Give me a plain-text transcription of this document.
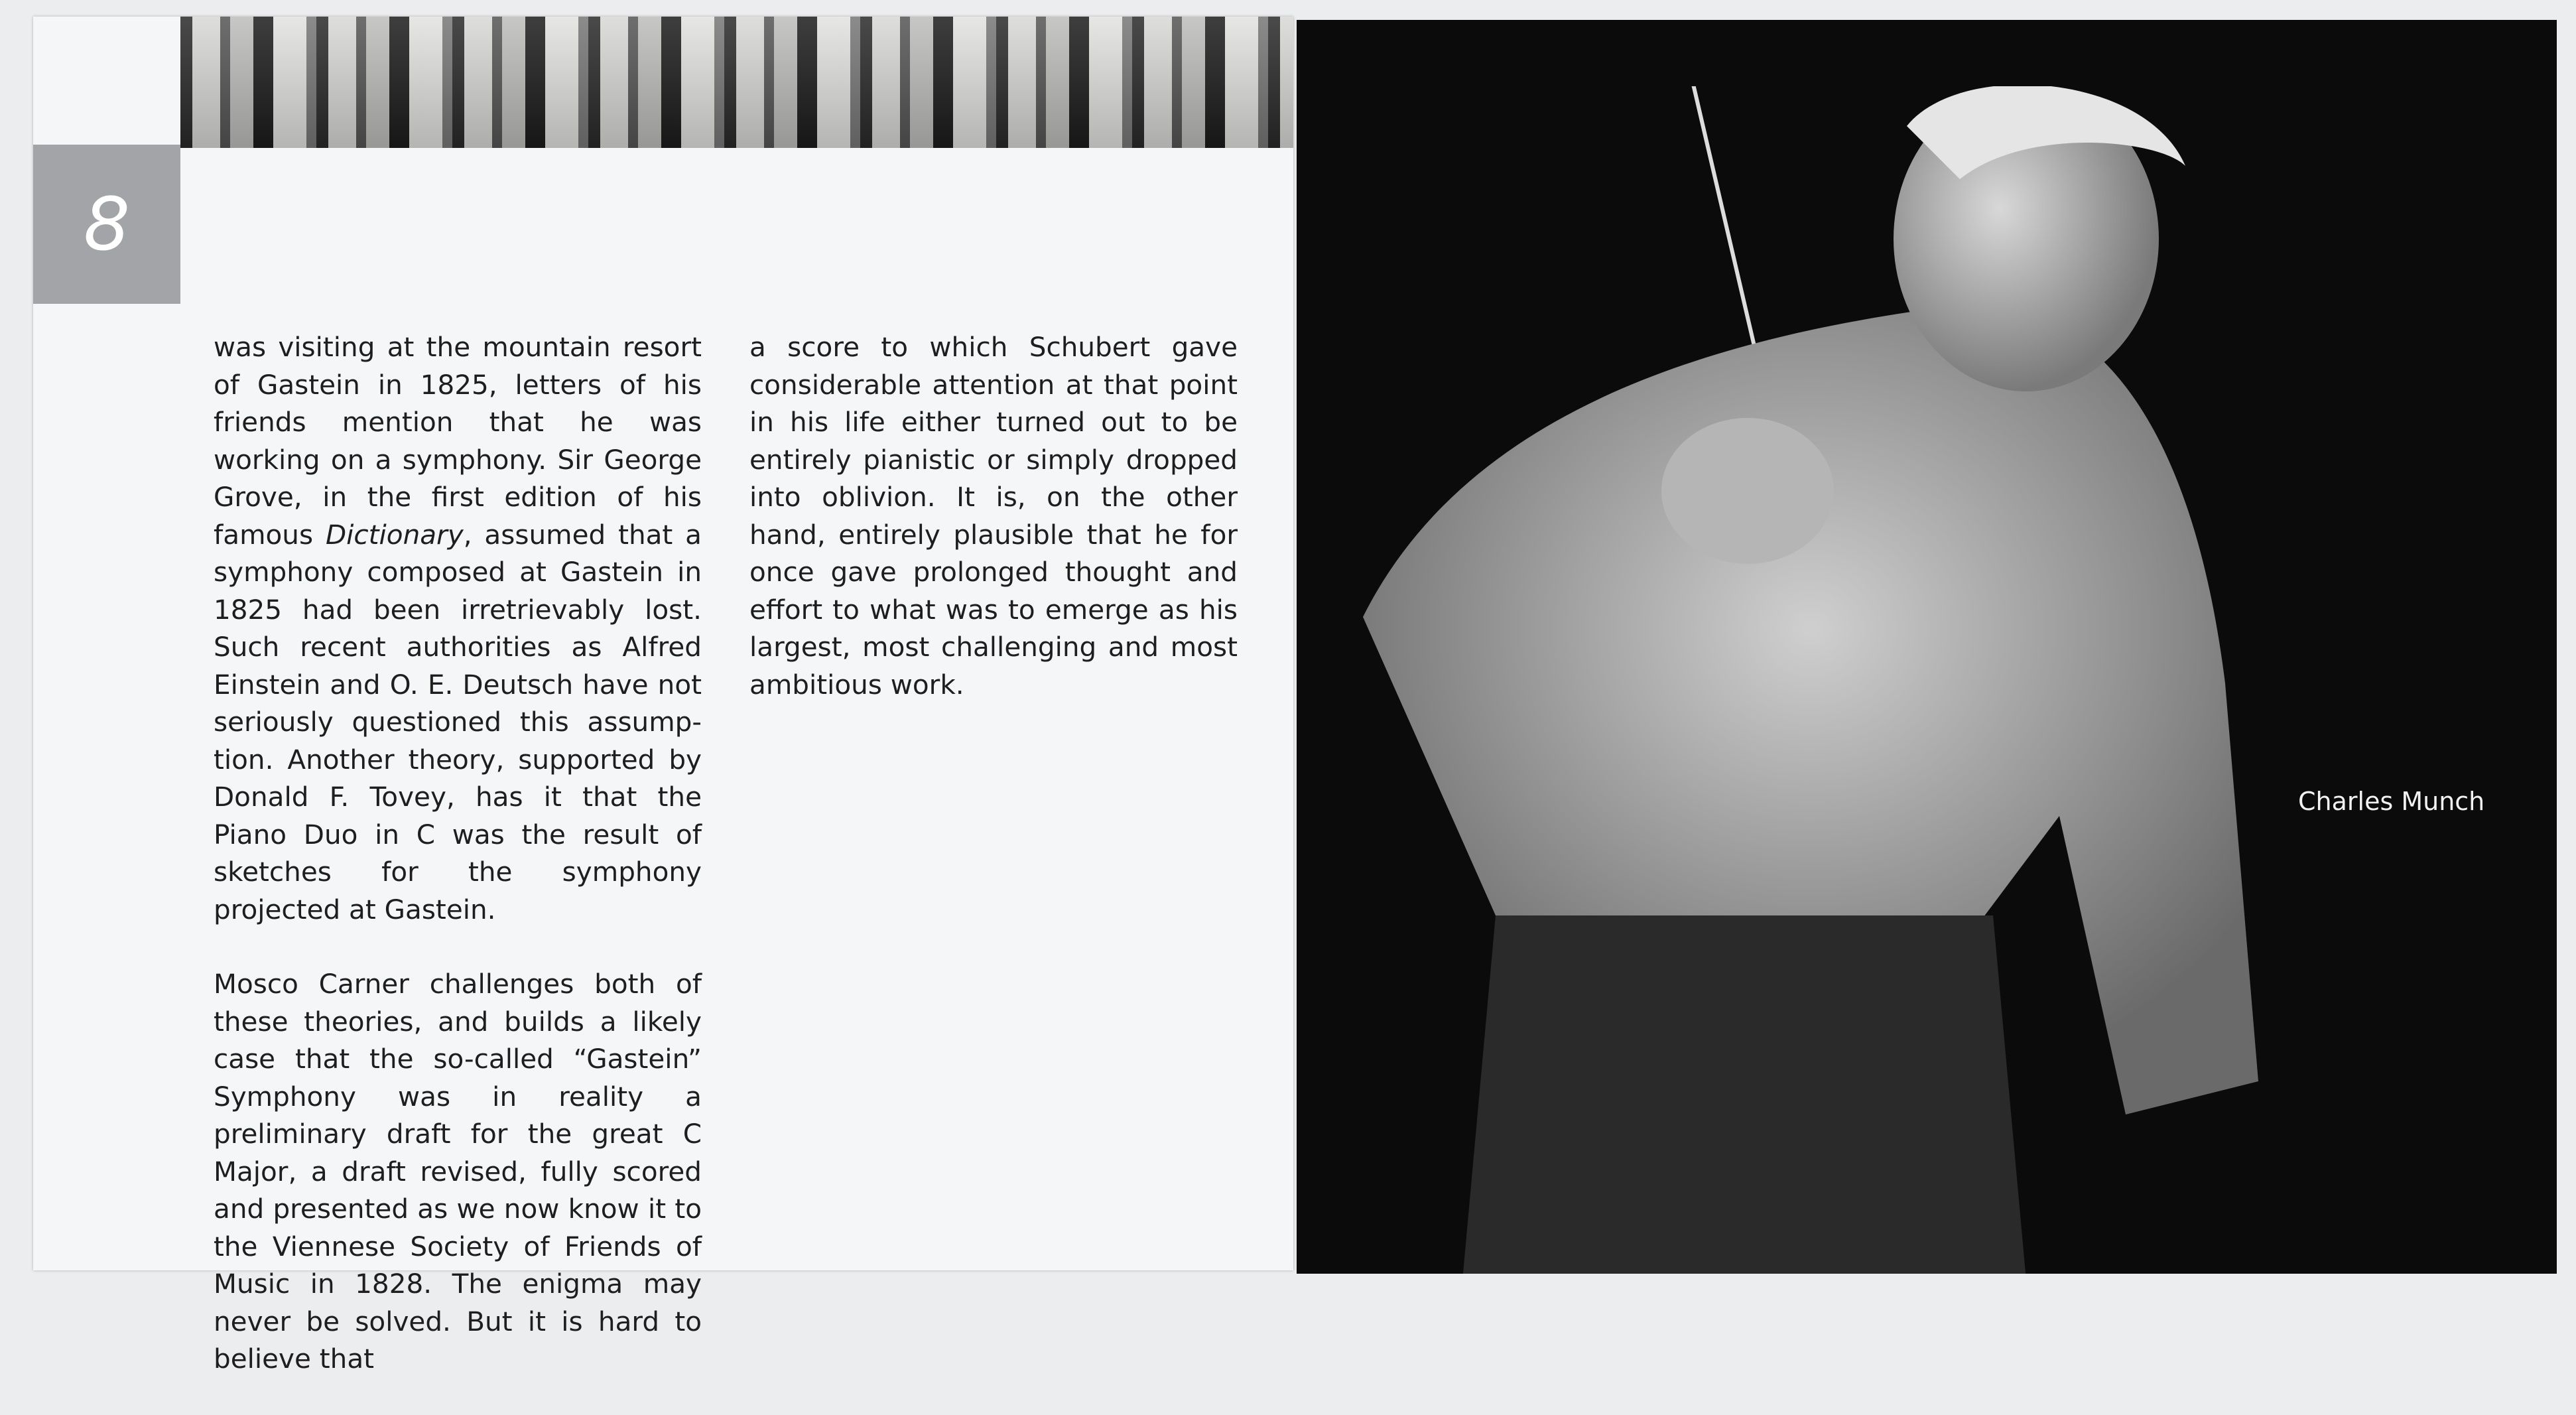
8

was visiting at the mountain resort of Gastein in 1825, letters of his friends mention that he was working on a symphony. Sir George Grove, in the first edition of his famous Dictionary, assumed that a symphony composed at Gastein in 1825 had been irretrievably lost. Such recent authorities as Alfred Einstein and O. E. Deutsch have not seriously questioned this assumption. Another theory, supported by Donald F. Tovey, has it that the Piano Duo in C was the result of sketches for the symphony projected at Gastein.

Mosco Carner challenges both of these theories, and builds a likely case that the so-called “Gastein” Symphony was in reality a preliminary draft for the great C Major, a draft revised, fully scored and presented as we now know it to the Viennese Society of Friends of Music in 1828. The enigma may never be solved. But it is hard to believe that

a score to which Schubert gave considerable attention at that point in his life either turned out to be entirely pianistic or simply dropped into oblivion. It is, on the other hand, entirely plausible that he for once gave prolonged thought and effort to what was to emerge as his largest, most challenging and most ambitious work.

Charles Munch
